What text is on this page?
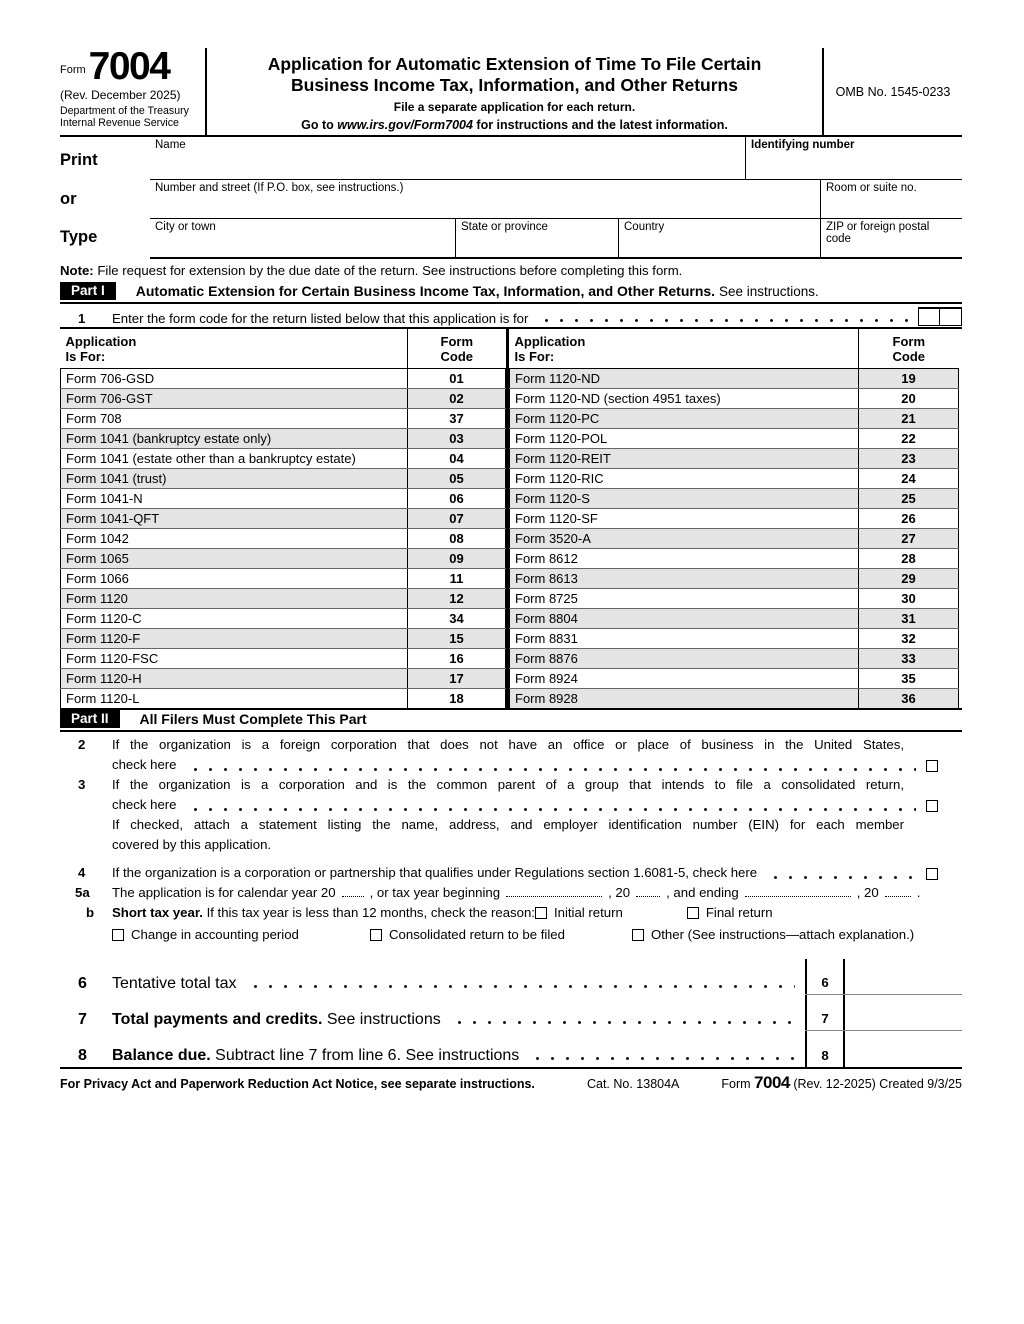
Form 7004
(Rev. December 2025)
Department of the Treasury
Internal Revenue Service
Application for Automatic Extension of Time To File Certain
Business Income Tax, Information, and Other Returns
File a separate application for each return.
Go to www.irs.gov/Form7004 for instructions and the latest information.
OMB No. 1545-0233
Print
or
Type
Name	Identifying number
Number and street (If P.O. box, see instructions.)	Room or suite no.
City or town	State or province	Country	ZIP or foreign postal code
Note: File request for extension by the due date of the return. See instructions before completing this form.
Part I	Automatic Extension for Certain Business Income Tax, Information, and Other Returns. See instructions.
1	Enter the form code for the return listed below that this application is for
Application
Is For:	Form
Code
Form 706-GSD	01
Form 706-GST	02
Form 708	37
Form 1041 (bankruptcy estate only)	03
Form 1041 (estate other than a bankruptcy estate)	04
Form 1041 (trust)	05
Form 1041-N	06
Form 1041-QFT	07
Form 1042	08
Form 1065	09
Form 1066	11
Form 1120	12
Form 1120-C	34
Form 1120-F	15
Form 1120-FSC	16
Form 1120-H	17
Form 1120-L	18
Application
Is For:	Form
Code
Form 1120-ND	19
Form 1120-ND (section 4951 taxes)	20
Form 1120-PC	21
Form 1120-POL	22
Form 1120-REIT	23
Form 1120-RIC	24
Form 1120-S	25
Form 1120-SF	26
Form 3520-A	27
Form 8612	28
Form 8613	29
Form 8725	30
Form 8804	31
Form 8831	32
Form 8876	33
Form 8924	35
Form 8928	36
Part II	All Filers Must Complete This Part
2	If the organization is a foreign corporation that does not have an office or place of business in the United States,
check here
3	If the organization is a corporation and is the common parent of a group that intends to file a consolidated return,
check here
If checked, attach a statement listing the name, address, and employer identification number (EIN) for each member
covered by this application.
4	If the organization is a corporation or partnership that qualifies under Regulations section 1.6081-5, check here
5a	The application is for calendar year 20	, or tax year beginning	, 20	, and ending	, 20	.
b	Short tax year. If this tax year is less than 12 months, check the reason: Initial return	Final return
Change in accounting period	Consolidated return to be filed	Other (See instructions—attach explanation.)
6	Tentative total tax	6
7	Total payments and credits. See instructions	7
8	Balance due. Subtract line 7 from line 6. See instructions	8
For Privacy Act and Paperwork Reduction Act Notice, see separate instructions.	Cat. No. 13804A	Form 7004 (Rev. 12-2025) Created 9/3/25
